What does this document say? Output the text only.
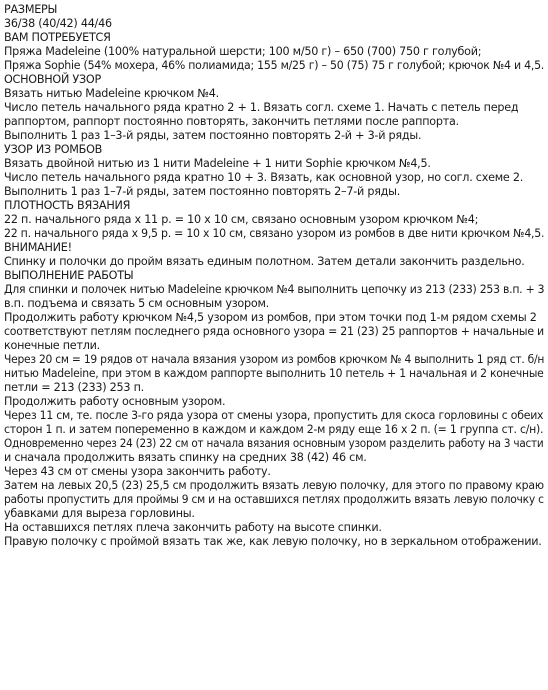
РАЗМЕРЫ
36/38 (40/42) 44/46
ВАМ ПОТРЕБУЕТСЯ
Пряжа Madeleine (100% натуральной шерсти; 100 м/50 г) – 650 (700) 750 г голубой;
Пряжа Sophie (54% мохера, 46% полиамида; 155 м/25 г) – 50 (75) 75 г голубой; крючок №4 и 4,5.
ОСНОВНОЙ УЗОР
Вязать нитью Madeleine крючком №4.
Число петель начального ряда кратно 2 + 1. Вязать согл. схеме 1. Начать с петель перед
раппортом, раппорт постоянно повторять, закончить петлями после раппорта.
Выполнить 1 раз 1–3-й ряды, затем постоянно повторять 2-й + 3-й ряды.
УЗОР ИЗ РОМБОВ
Вязать двойной нитью из 1 нити Madeleine + 1 нити Sophie крючком №4,5.
Число петель начального ряда кратно 10 + 3. Вязать, как основной узор, но согл. схеме 2.
Выполнить 1 раз 1–7-й ряды, затем постоянно повторять 2–7-й ряды.
ПЛОТНОСТЬ ВЯЗАНИЯ
22 п. начального ряда х 11 р. = 10 х 10 см, связано основным узором крючком №4;
22 п. начального ряда х 9,5 р. = 10 х 10 см, связано узором из ромбов в две нити крючком №4,5.
ВНИМАНИЕ!
Спинку и полочки до пройм вязать единым полотном. Затем детали закончить раздельно.
ВЫПОЛНЕНИЕ РАБОТЫ
Для спинки и полочек нитью Madeleine крючком №4 выполнить цепочку из 213 (233) 253 в.п. + 3
в.п. подъема и связать 5 см основным узором.
Продолжить работу крючком №4,5 узором из ромбов, при этом точки под 1-м рядом схемы 2
соответствуют петлям последнего ряда основного узора = 21 (23) 25 раппортов + начальные и
конечные петли.
Через 20 см = 19 рядов от начала вязания узором из ромбов крючком № 4 выполнить 1 ряд ст. б/н
нитью Madeleine, при этом в каждом раппорте выполнить 10 петель + 1 начальная и 2 конечные
петли = 213 (233) 253 п.
Продолжить работу основным узором.
Через 11 см, те. после 3-го ряда узора от смены узора, пропустить для скоса горловины с обеих
сторон 1 п. и затем попеременно в каждом и каждом 2-м ряду еще 16 х 2 п. (= 1 группа ст. с/н).
Одновременно через 24 (23) 22 см от начала вязания основным узором разделить работу на 3 части
и сначала продолжить вязать спинку на средних 38 (42) 46 см.
Через 43 см от смены узора закончить работу.
Затем на левых 20,5 (23) 25,5 см продолжить вязать левую полочку, для этого по правому краю
работы пропустить для проймы 9 см и на оставшихся петлях продолжить вязать левую полочку с
убавками для выреза горловины.
На оставшихся петлях плеча закончить работу на высоте спинки.
Правую полочку с проймой вязать так же, как левую полочку, но в зеркальном отображении.
